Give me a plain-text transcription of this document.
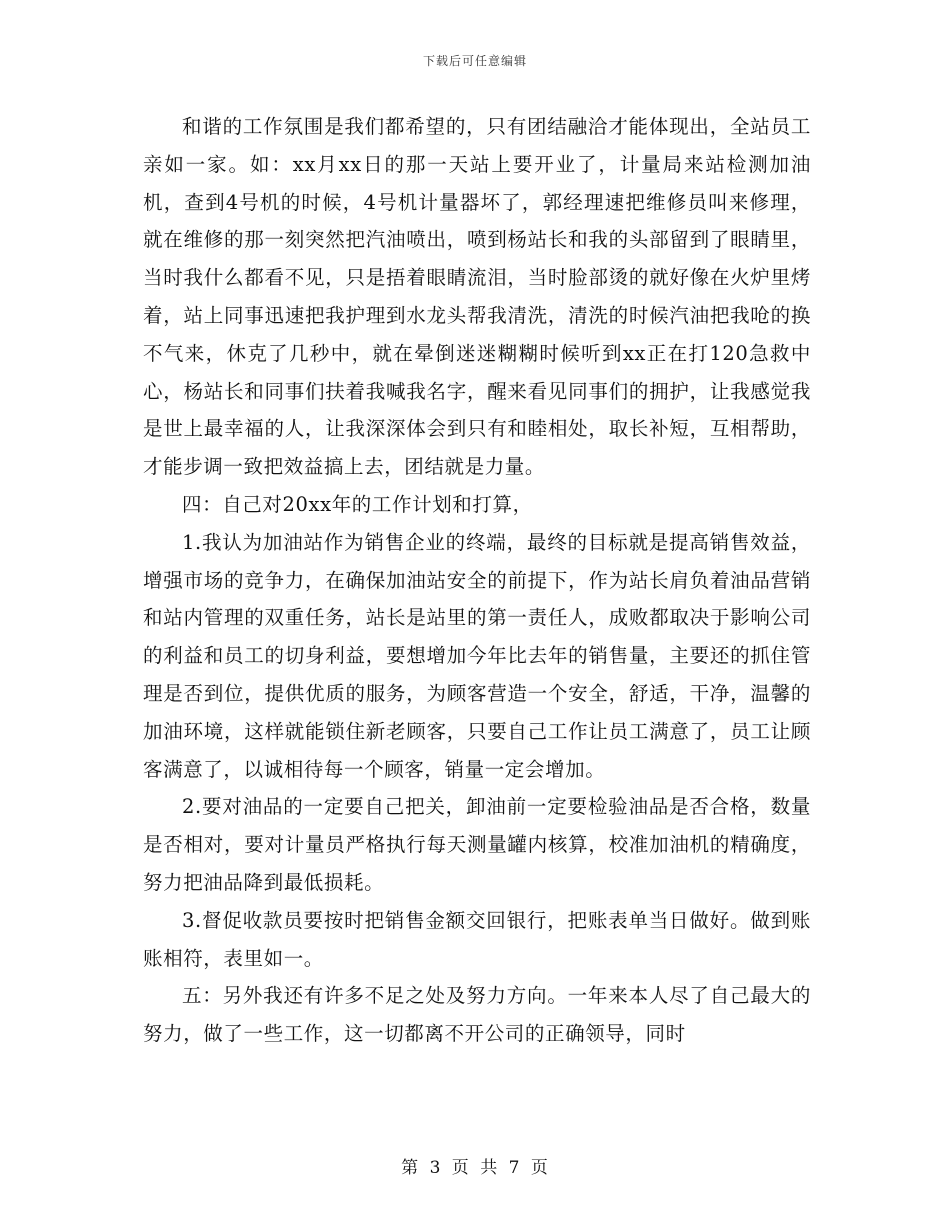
下载后可任意编辑

和谐的工作氛围是我们都希望的，只有团结融洽才能体现出，全站员工亲如一家。如：xx月xx日的那一天站上要开业了，计量局来站检测加油机，查到4号机的时候，4号机计量器坏了，郭经理速把维修员叫来修理，就在维修的那一刻突然把汽油喷出，喷到杨站长和我的头部留到了眼睛里，当时我什么都看不见，只是捂着眼睛流泪，当时脸部烫的就好像在火炉里烤着，站上同事迅速把我护理到水龙头帮我清洗，清洗的时候汽油把我呛的换不气来，休克了几秒中，就在晕倒迷迷糊糊时候听到xx正在打120急救中心，杨站长和同事们扶着我喊我名字，醒来看见同事们的拥护，让我感觉我是世上最幸福的人，让我深深体会到只有和睦相处，取长补短，互相帮助，才能步调一致把效益搞上去，团结就是力量。

四：自己对20xx年的工作计划和打算，

1.我认为加油站作为销售企业的终端，最终的目标就是提高销售效益，增强市场的竞争力，在确保加油站安全的前提下，作为站长肩负着油品营销和站内管理的双重任务，站长是站里的第一责任人，成败都取决于影响公司的利益和员工的切身利益，要想增加今年比去年的销售量，主要还的抓住管理是否到位，提供优质的服务，为顾客营造一个安全，舒适，干净，温馨的加油环境，这样就能锁住新老顾客，只要自己工作让员工满意了，员工让顾客满意了，以诚相待每一个顾客，销量一定会增加。

2.要对油品的一定要自己把关，卸油前一定要检验油品是否合格，数量是否相对，要对计量员严格执行每天测量罐内核算，校准加油机的精确度，努力把油品降到最低损耗。

3.督促收款员要按时把销售金额交回银行，把账表单当日做好。做到账账相符，表里如一。

五：另外我还有许多不足之处及努力方向。一年来本人尽了自己最大的努力，做了一些工作，这一切都离不开公司的正确领导，同时

第 3 页 共 7 页
